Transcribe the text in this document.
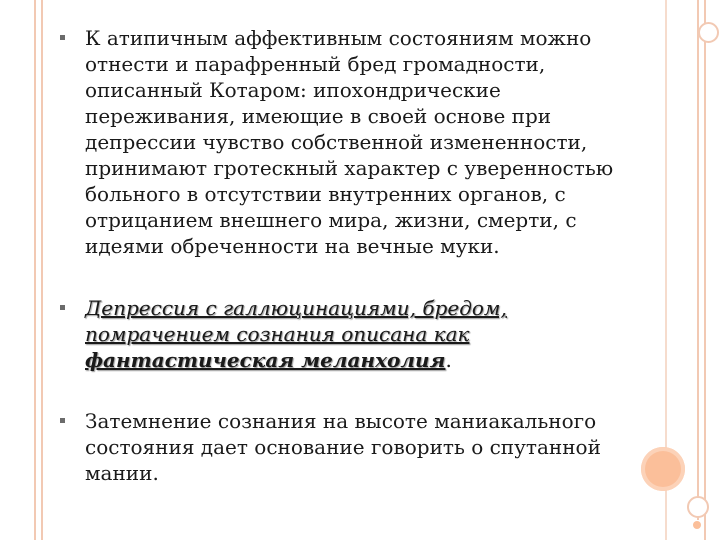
К атипичным аффективным состояниям можно отнести и парафренный бред громадности, описанный Котаром: ипохондрические переживания, имеющие в своей основе при депрессии чувство собственной измененности, принимают гротескный характер с уверенностью больного в отсутствии внутренних органов, с отрицанием внешнего мира, жизни, смерти, с идеями обреченности на вечные муки.
Депрессия с галлюцинациями, бредом, помрачением сознания описана как фантастическая меланхолия.
Затемнение сознания на высоте маниакального состояния дает основание говорить о спутанной мании.
